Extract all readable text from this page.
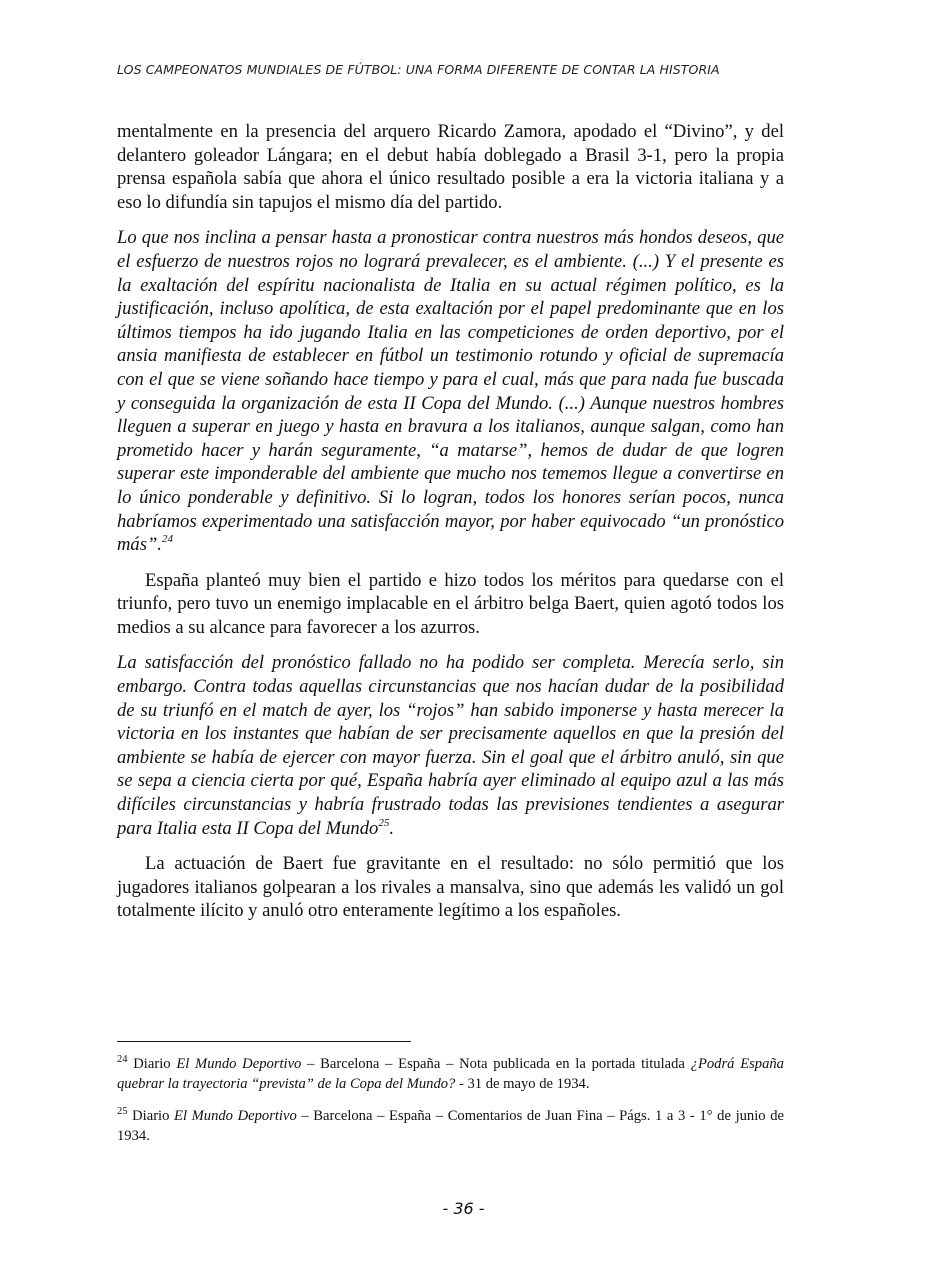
LOS CAMPEONATOS MUNDIALES DE FÚTBOL: UNA FORMA DIFERENTE DE CONTAR LA HISTORIA

mentalmente en la presencia del arquero Ricardo Zamora, apodado el “Divino”, y del delantero goleador Lángara; en el debut había doblegado a Brasil 3-1, pero la propia prensa española sabía que ahora el único resultado posible a era la victoria italiana y a eso lo difundía sin tapujos el mismo día del partido.

Lo que nos inclina a pensar hasta a pronosticar contra nuestros más hondos deseos, que el esfuerzo de nuestros rojos no logrará prevalecer, es el ambiente. (...) Y el presente es la exaltación del espíritu nacionalista de Italia en su actual régimen político, es la justificación, incluso apolítica, de esta exaltación por el papel predominante que en los últimos tiempos ha ido jugando Italia en las competiciones de orden deportivo, por el ansia manifiesta de establecer en fútbol un testimonio rotundo y oficial de supremacía con el que se viene soñando hace tiempo y para el cual, más que para nada fue buscada y conseguida la organización de esta II Copa del Mundo. (...) Aunque nuestros hombres lleguen a superar en juego y hasta en bravura a los italianos, aunque salgan, como han prometido hacer y harán seguramente, “a matarse”, hemos de dudar de que logren superar este imponderable del ambiente que mucho nos tememos llegue a convertirse en lo único ponderable y definitivo. Si lo logran, todos los honores serían pocos, nunca habríamos experimentado una satisfacción mayor, por haber equivocado “un pronóstico más”.$^{24}$

España planteó muy bien el partido e hizo todos los méritos para quedarse con el triunfo, pero tuvo un enemigo implacable en el árbitro belga Baert, quien agotó todos los medios a su alcance para favorecer a los azurros.

La satisfacción del pronóstico fallado no ha podido ser completa. Merecía serlo, sin embargo. Contra todas aquellas circunstancias que nos hacían dudar de la posibilidad de su triunfó en el match de ayer, los “rojos” han sabido imponerse y hasta merecer la victoria en los instantes que habían de ser precisamente aquellos en que la presión del ambiente se había de ejercer con mayor fuerza. Sin el goal que el árbitro anuló, sin que se sepa a ciencia cierta por qué, España habría ayer eliminado al equipo azul a las más difíciles circunstancias y habría frustrado todas las previsiones tendientes a asegurar para Italia esta II Copa del Mundo$^{25}$.

La actuación de Baert fue gravitante en el resultado: no sólo permitió que los jugadores italianos golpearan a los rivales a mansalva, sino que además les validó un gol totalmente ilícito y anuló otro enteramente legítimo a los españoles.

$^{24}$ Diario El Mundo Deportivo – Barcelona – España – Nota publicada en la portada titulada ¿Podrá España quebrar la trayectoria “prevista” de la Copa del Mundo? - 31 de mayo de 1934.

$^{25}$ Diario El Mundo Deportivo – Barcelona – España – Comentarios de Juan Fina – Págs. 1 a 3 - 1° de junio de 1934.

- 36 -
